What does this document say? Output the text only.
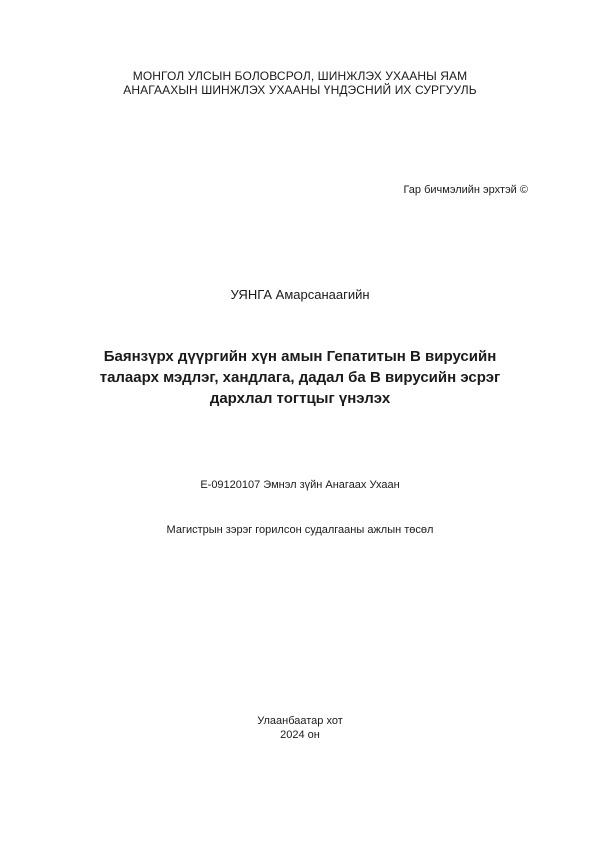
МОНГОЛ УЛСЫН БОЛОВСРОЛ, ШИНЖЛЭХ УХААНЫ ЯАМ
АНАГААХЫН ШИНЖЛЭХ УХААНЫ ҮНДЭСНИЙ ИХ СУРГУУЛЬ
Гар бичмэлийн эрхтэй ©
УЯНГА Амарсанаагийн
Баянзүрх дүүргийн хүн амын Гепатитын В вирусийн
талаарх мэдлэг, хандлага, дадал ба В вирусийн эсрэг
дархлал тогтцыг үнэлэх
E-09120107 Эмнэл зүйн Анагаах Ухаан
Магистрын зэрэг горилсон судалгааны ажлын төсөл
Улаанбаатар хот
2024 он
